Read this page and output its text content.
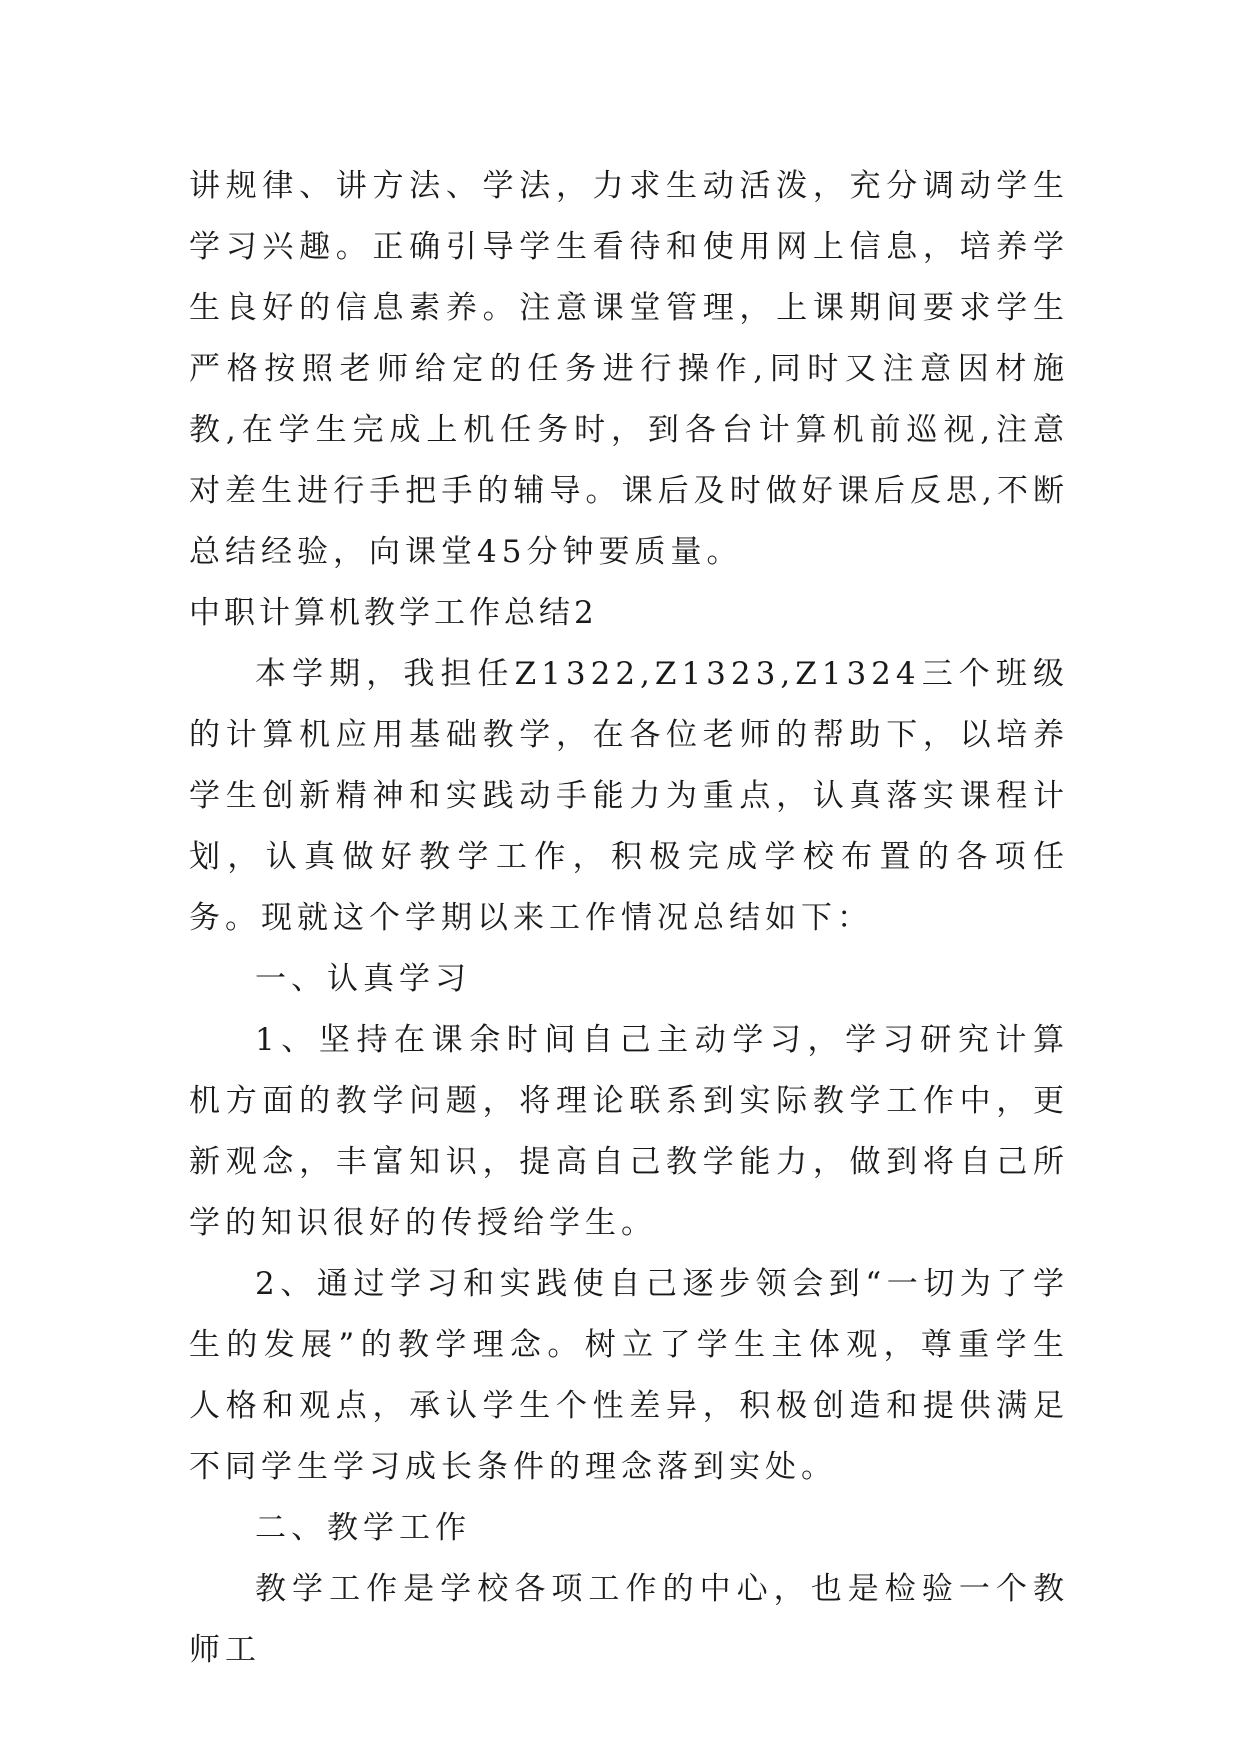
讲规律、讲方法、学法，力求生动活泼，充分调动学生学习兴趣。正确引导学生看待和使用网上信息，培养学生良好的信息素养。注意课堂管理，上课期间要求学生严格按照老师给定的任务进行操作,同时又注意因材施教,在学生完成上机任务时，到各台计算机前巡视,注意对差生进行手把手的辅导。课后及时做好课后反思,不断总结经验，向课堂45分钟要质量。

中职计算机教学工作总结2

本学期，我担任Z1322,Z1323,Z1324三个班级的计算机应用基础教学，在各位老师的帮助下，以培养学生创新精神和实践动手能力为重点，认真落实课程计划，认真做好教学工作，积极完成学校布置的各项任务。现就这个学期以来工作情况总结如下：

一、认真学习

1、坚持在课余时间自己主动学习，学习研究计算机方面的教学问题，将理论联系到实际教学工作中，更新观念，丰富知识，提高自己教学能力，做到将自己所学的知识很好的传授给学生。

2、通过学习和实践使自己逐步领会到“一切为了学生的发展”的教学理念。树立了学生主体观，尊重学生人格和观点，承认学生个性差异，积极创造和提供满足不同学生学习成长条件的理念落到实处。

二、教学工作

教学工作是学校各项工作的中心，也是检验一个教师工
